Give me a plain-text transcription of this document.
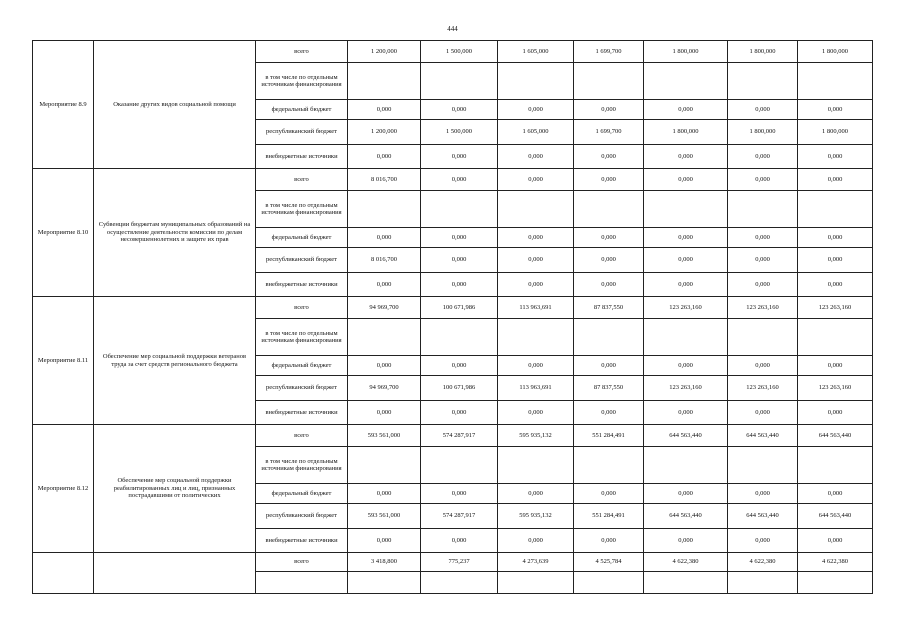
444
Мероприятие 8.9	Оказание других видов социальной помощи	всего	1 200,000	1 500,000	1 605,000	1 699,700	1 800,000	1 800,000	1 800,000
		в том числе по отдельным источникам финансирования							
		федеральный бюджет	0,000	0,000	0,000	0,000	0,000	0,000	0,000
		республиканский бюджет	1 200,000	1 500,000	1 605,000	1 699,700	1 800,000	1 800,000	1 800,000
		внебюджетные источники	0,000	0,000	0,000	0,000	0,000	0,000	0,000
Мероприятие 8.10	Субвенции бюджетам муниципальных образований на осуществление деятельности комиссии по делам несовершеннолетних и защите их прав	всего	8 016,700	0,000	0,000	0,000	0,000	0,000	0,000
		в том числе по отдельным источникам финансирования							
		федеральный бюджет	0,000	0,000	0,000	0,000	0,000	0,000	0,000
		республиканский бюджет	8 016,700	0,000	0,000	0,000	0,000	0,000	0,000
		внебюджетные источники	0,000	0,000	0,000	0,000	0,000	0,000	0,000
Мероприятие 8.11	Обеспечение мер социальной поддержки ветеранов труда за счет средств регионального бюджета	всего	94 969,700	100 671,986	113 963,691	87 837,550	123 263,160	123 263,160	123 263,160
		в том числе по отдельным источникам финансирования							
		федеральный бюджет	0,000	0,000	0,000	0,000	0,000	0,000	0,000
		республиканский бюджет	94 969,700	100 671,986	113 963,691	87 837,550	123 263,160	123 263,160	123 263,160
		внебюджетные источники	0,000	0,000	0,000	0,000	0,000	0,000	0,000
Мероприятие 8.12	Обеспечение мер социальной поддержки реабилитированных лиц и лиц, признанных пострадавшими от политических	всего	593 561,000	574 287,917	595 935,132	551 284,491	644 563,440	644 563,440	644 563,440
		в том числе по отдельным источникам финансирования							
		федеральный бюджет	0,000	0,000	0,000	0,000	0,000	0,000	0,000
		республиканский бюджет	593 561,000	574 287,917	595 935,132	551 284,491	644 563,440	644 563,440	644 563,440
		внебюджетные источники	0,000	0,000	0,000	0,000	0,000	0,000	0,000
		всего	3 418,800	775,237	4 273,639	4 525,784	4 622,380	4 622,380	4 622,380
